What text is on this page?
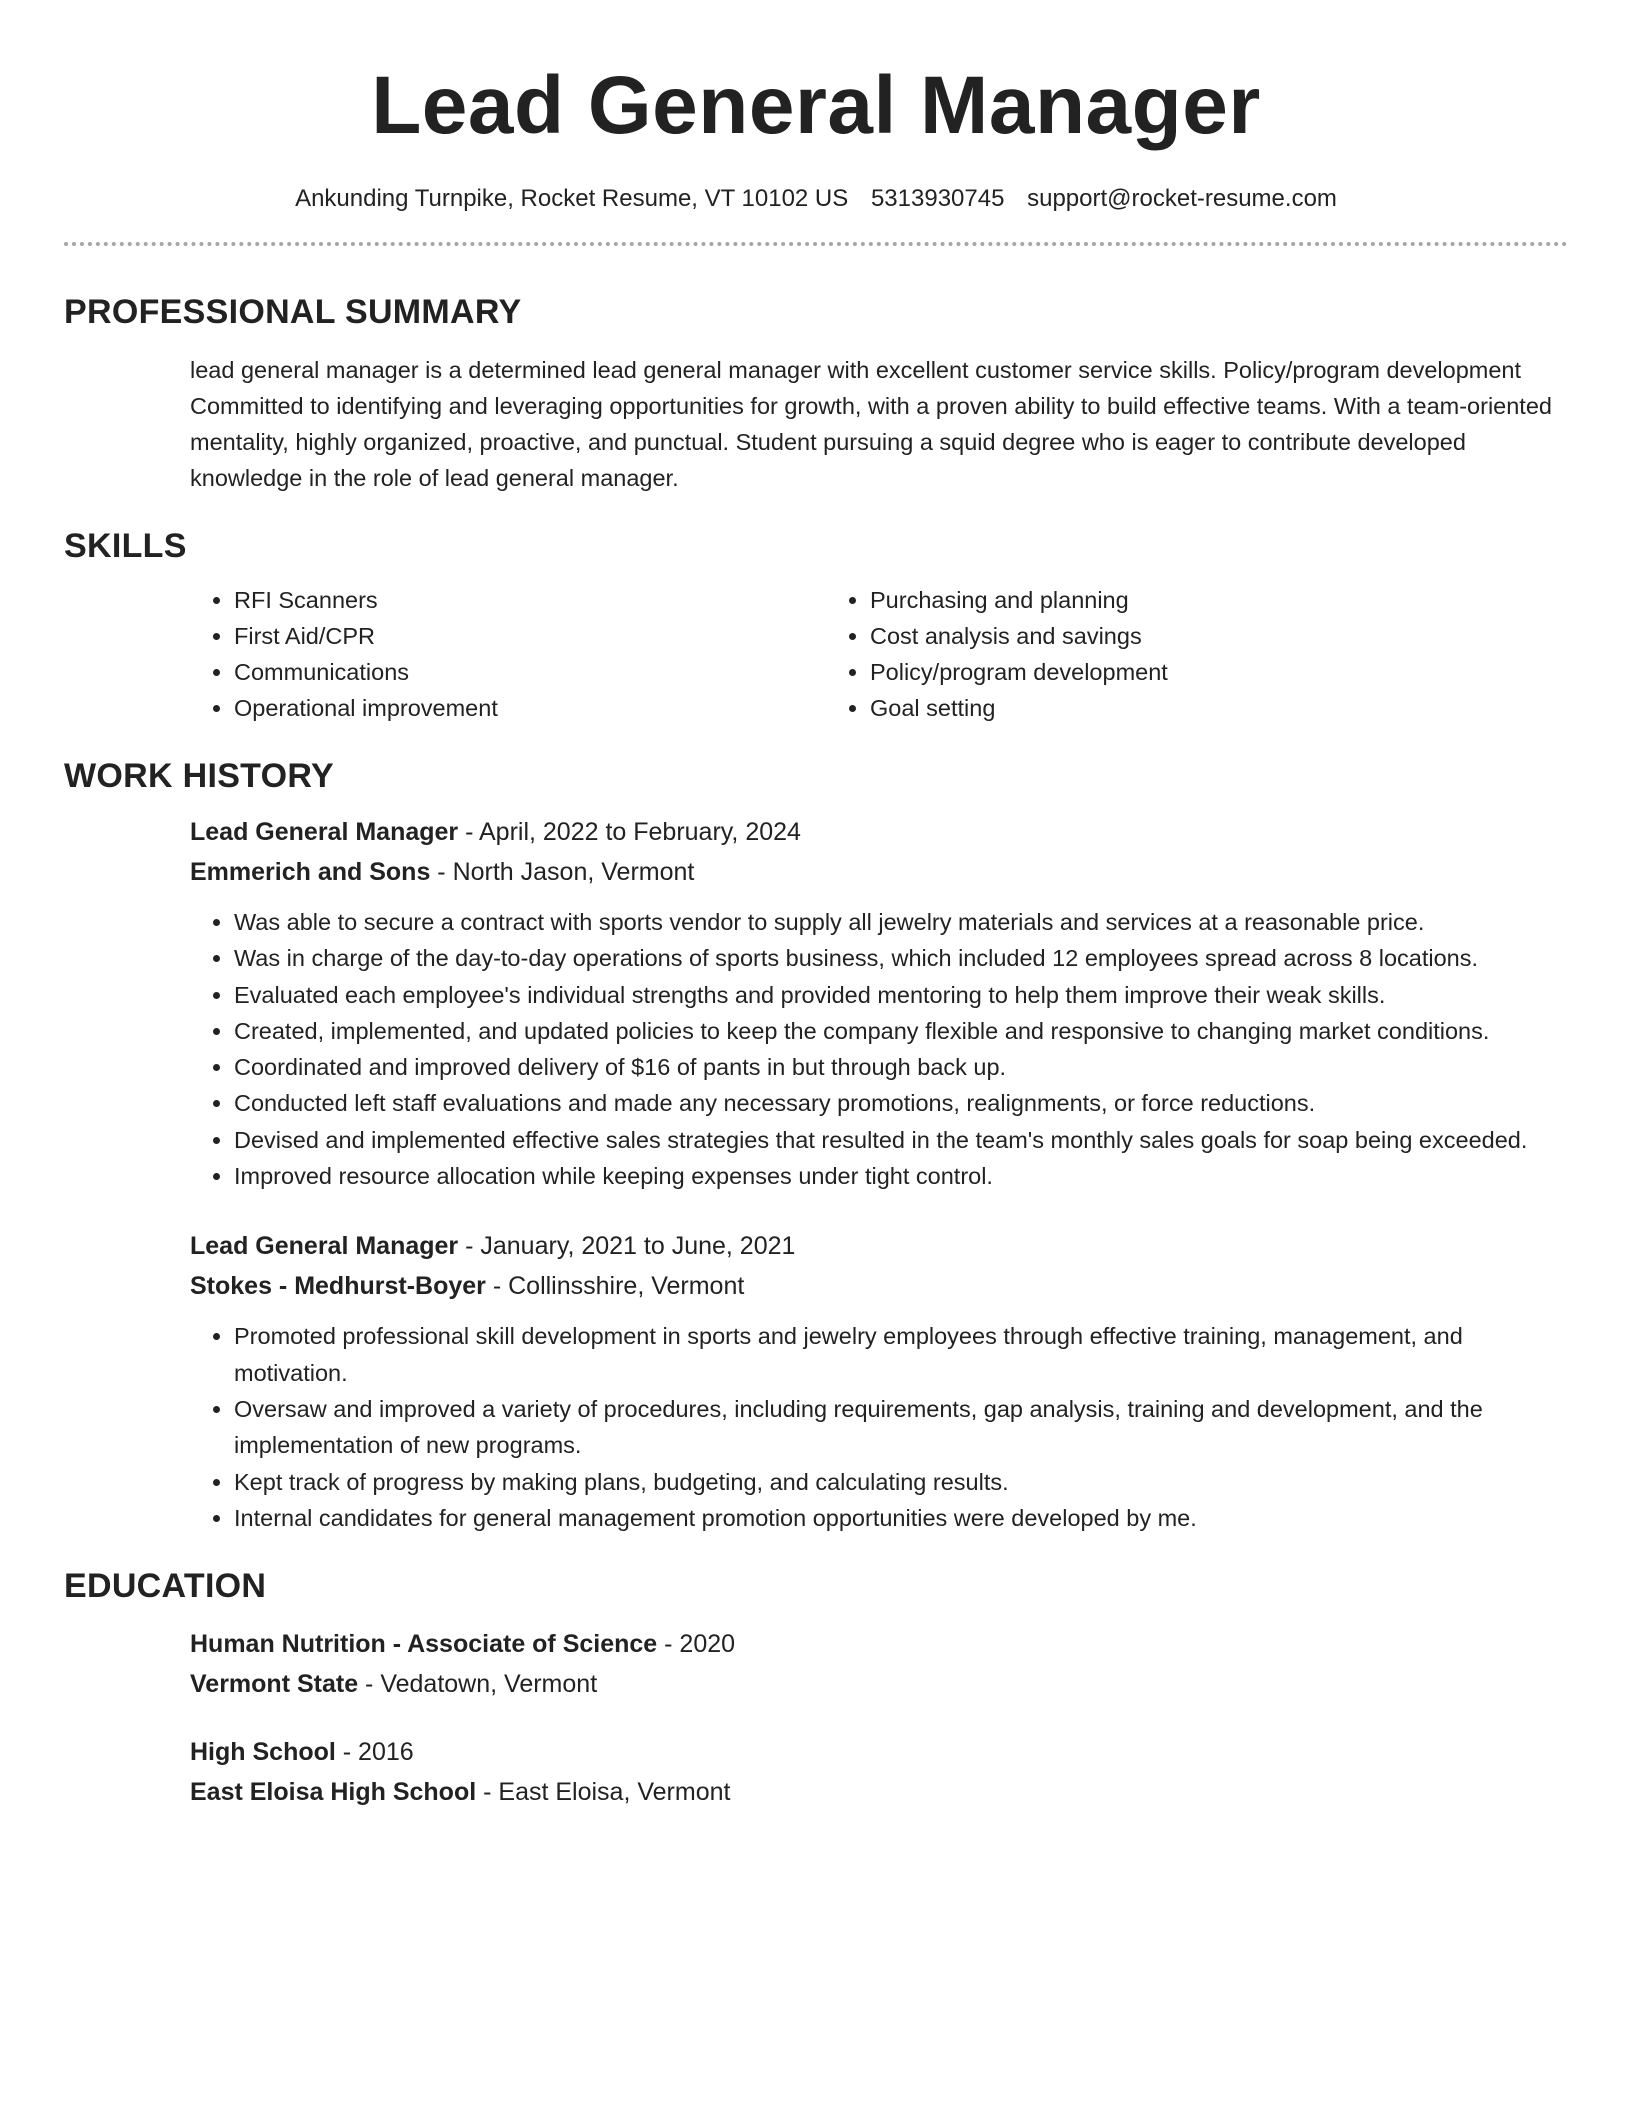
Lead General Manager
Ankunding Turnpike, Rocket Resume, VT 10102 US 5313930745 support@rocket-resume.com
PROFESSIONAL SUMMARY

lead general manager is a determined lead general manager with excellent customer service skills. Policy/program development Committed to identifying and leveraging opportunities for growth, with a proven ability to build effective teams. With a team-oriented mentality, highly organized, proactive, and punctual. Student pursuing a squid degree who is eager to contribute developed knowledge in the role of lead general manager.

SKILLS
• RFI Scanners
• First Aid/CPR
• Communications
• Operational improvement
• Purchasing and planning
• Cost analysis and savings
• Policy/program development
• Goal setting
WORK HISTORY
Lead General Manager - April, 2022 to February, 2024
Emmerich and Sons - North Jason, Vermont
• Was able to secure a contract with sports vendor to supply all jewelry materials and services at a reasonable price.
• Was in charge of the day-to-day operations of sports business, which included 12 employees spread across 8 locations.
• Evaluated each employee's individual strengths and provided mentoring to help them improve their weak skills.
• Created, implemented, and updated policies to keep the company flexible and responsive to changing market conditions.
• Coordinated and improved delivery of $16 of pants in but through back up.
• Conducted left staff evaluations and made any necessary promotions, realignments, or force reductions.
• Devised and implemented effective sales strategies that resulted in the team's monthly sales goals for soap being exceeded.
• Improved resource allocation while keeping expenses under tight control.
Lead General Manager - January, 2021 to June, 2021
Stokes - Medhurst-Boyer - Collinsshire, Vermont
• Promoted professional skill development in sports and jewelry employees through effective training, management, and motivation.
• Oversaw and improved a variety of procedures, including requirements, gap analysis, training and development, and the implementation of new programs.
• Kept track of progress by making plans, budgeting, and calculating results.
• Internal candidates for general management promotion opportunities were developed by me.
EDUCATION
Human Nutrition - Associate of Science - 2020
Vermont State - Vedatown, Vermont
High School - 2016
East Eloisa High School - East Eloisa, Vermont
